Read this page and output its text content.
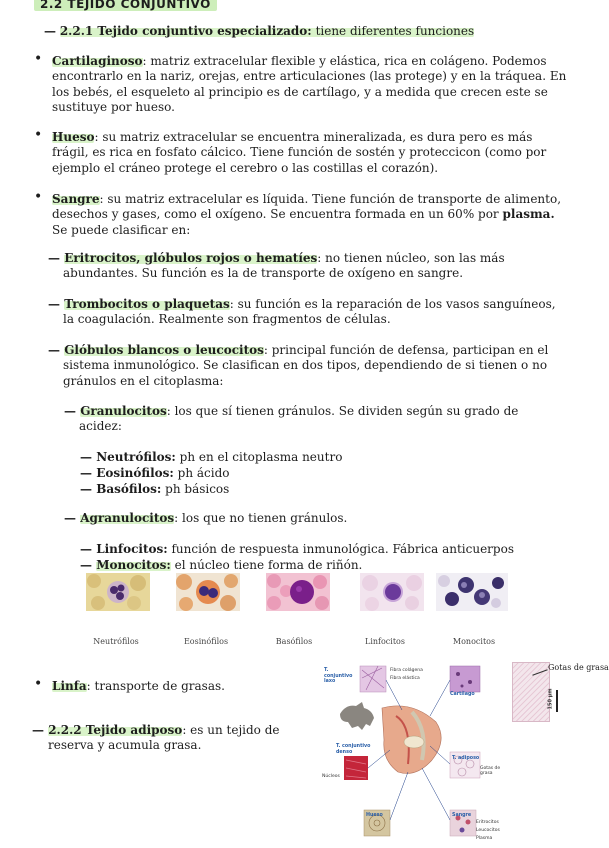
2.2 TEJIDO CONJUNTIVO
— 2.2.1 Tejido conjuntivo especializado: tiene diferentes funciones
• Cartilaginoso: matriz extracelular flexible y elástica, rica en colágeno. Podemos encontrarlo en la nariz, orejas, entre articulaciones (las protege) y en la tráquea. En los bebés, el esqueleto al principio es de cartílago, y a medida que crecen este se sustituye por hueso.

• Hueso: su matriz extracelular se encuentra mineralizada, es dura pero es más frágil, es rica en fosfato cálcico. Tiene función de sostén y proteccicon (como por ejemplo el cráneo protege el cerebro o las costillas el corazón).

• Sangre: su matriz extracelular es líquida. Tiene función de transporte de alimento, desechos y gases, como el oxígeno. Se encuentra formada en un 60% por plasma. Se puede clasificar en:

— Eritrocitos, glóbulos rojos o hematíes: no tienen núcleo, son las más abundantes. Su función es la de transporte de oxígeno en sangre.
— Trombocitos o plaquetas: su función es la reparación de los vasos sanguíneos, la coagulación. Realmente son fragmentos de células.
— Glóbulos blancos o leucocitos: principal función de defensa, participan en el sistema inmunológico. Se clasifican en dos tipos, dependiendo de si tienen o no gránulos en el citoplasma:
— Granulocitos: los que sí tienen gránulos. Se dividen según su grado de acidez:
— Neutrófilos: ph en el citoplasma neutro
— Eosinófilos: ph ácido
— Basófilos: ph básicos
— Agranulocitos: los que no tienen gránulos.
— Linfocitos: función de respuesta inmunológica. Fábrica anticuerpos
— Monocitos: el núcleo tiene forma de riñón.
Neutrófilos	Eosinófilos	Basófilos	Linfocitos	Monocitos
• Linfa: transporte de grasas.

— 2.2.2 Tejido adiposo: es un tejido de reserva y acumula grasa.
Gotas de grasa
150 µm
T. conjuntivo laxo
Fibra colágena
Fibra elástica
Cartílago
T. conjuntivo denso
Núcleos
T. adiposo
Gotas de grasa
Hueso	Sangre
Eritrocitos
Leucocitos
Plasma
